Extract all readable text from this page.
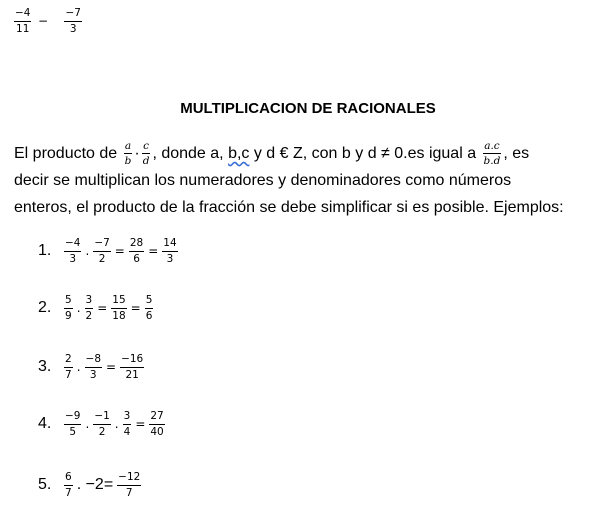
$\frac{-4}{11} - \frac{-7}{3}$
MULTIPLICACION DE RACIONALES
El producto de $\frac{a}{b} \cdot \frac{c}{d}$ , donde a, b,c y d € Z, con b y d ≠ 0.es igual a $\frac{a.c}{b.d}$ , es
decir se multiplican los numeradores y denominadores como números
enteros, el producto de la fracción se debe simplificar si es posible. Ejemplos:
1.	$\frac{-4}{3}$ . $\frac{-7}{2} = \frac{28}{6} = \frac{14}{3}$
2.	$\frac{5}{9}$ . $\frac{3}{2} = \frac{15}{18} = \frac{5}{6}$
3.	$\frac{2}{7}$ . $\frac{-8}{3} = \frac{-16}{21}$
4.	$\frac{-9}{5}$ . $\frac{-1}{2}$ . $\frac{3}{4} = \frac{27}{40}$
5.	$\frac{6}{7}$ . $-2= \frac{-12}{7}$
